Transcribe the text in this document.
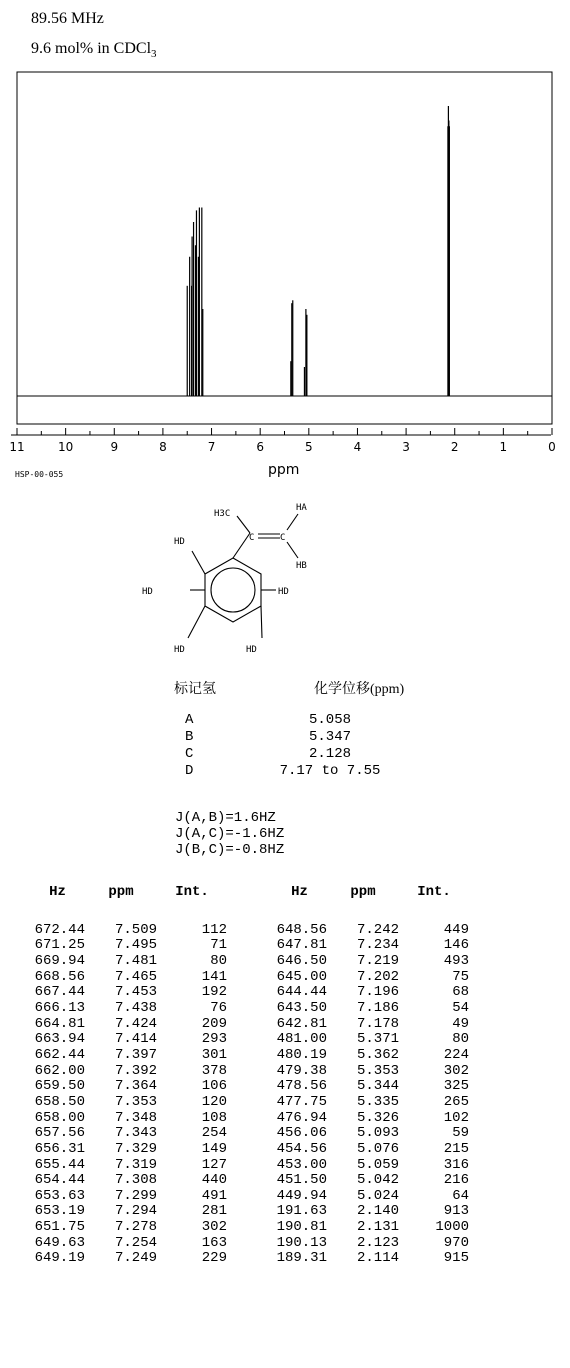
89.56 MHz
9.6 mol% in CDCl$_3$
11	10	9	8	7	6	5	4	3	2	1	0
ppm
HSP-00-055
H3C
C
HA
C
HB
HD
HD	HD
HD	HD
标记氢	化学位移(ppm)
A	5.058
B	5.347
C	2.128
D	7.17 to 7.55
J(A,B)=1.6HZ
J(A,C)=-1.6HZ
J(B,C)=-0.8HZ
Hz	ppm	Int.	Hz	ppm	Int.
672.44	7.509	112	648.56	7.242	449
671.25	7.495	71	647.81	7.234	146
669.94	7.481	80	646.50	7.219	493
668.56	7.465	141	645.00	7.202	75
667.44	7.453	192	644.44	7.196	68
666.13	7.438	76	643.50	7.186	54
664.81	7.424	209	642.81	7.178	49
663.94	7.414	293	481.00	5.371	80
662.44	7.397	301	480.19	5.362	224
662.00	7.392	378	479.38	5.353	302
659.50	7.364	106	478.56	5.344	325
658.50	7.353	120	477.75	5.335	265
658.00	7.348	108	476.94	5.326	102
657.56	7.343	254	456.06	5.093	59
656.31	7.329	149	454.56	5.076	215
655.44	7.319	127	453.00	5.059	316
654.44	7.308	440	451.50	5.042	216
653.63	7.299	491	449.94	5.024	64
653.19	7.294	281	191.63	2.140	913
651.75	7.278	302	190.81	2.131	1000
649.63	7.254	163	190.13	2.123	970
649.19	7.249	229	189.31	2.114	915
